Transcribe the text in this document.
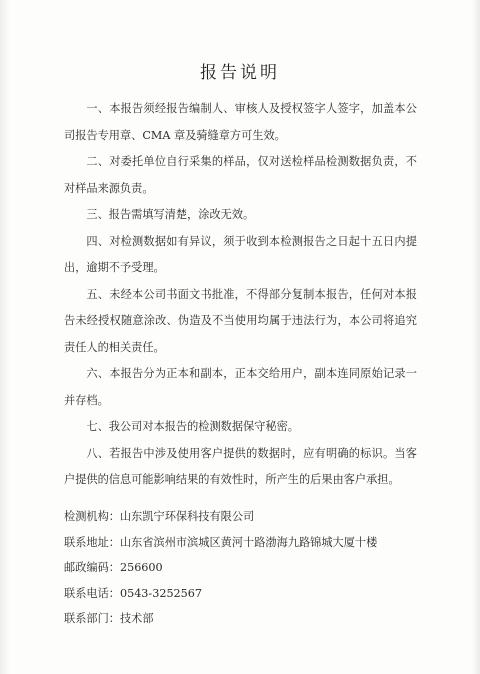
报告说明

一、本报告须经报告编制人、审核人及授权签字人签字，加盖本公司报告专用章、CMA 章及骑缝章方可生效。

二、对委托单位自行采集的样品，仅对送检样品检测数据负责，不对样品来源负责。

三、报告需填写清楚，涂改无效。

四、对检测数据如有异议，须于收到本检测报告之日起十五日内提出，逾期不予受理。

五、未经本公司书面文书批准，不得部分复制本报告，任何对本报告未经授权随意涂改、伪造及不当使用均属于违法行为，本公司将追究责任人的相关责任。

六、本报告分为正本和副本，正本交给用户，副本连同原始记录一并存档。

七、我公司对本报告的检测数据保守秘密。

八、若报告中涉及使用客户提供的数据时，应有明确的标识。当客户提供的信息可能影响结果的有效性时，所产生的后果由客户承担。

检测机构：山东凯宁环保科技有限公司
联系地址：山东省滨州市滨城区黄河十路渤海九路锦城大厦十楼
邮政编码：256600
联系电话：0543-3252567
联系部门：技术部
